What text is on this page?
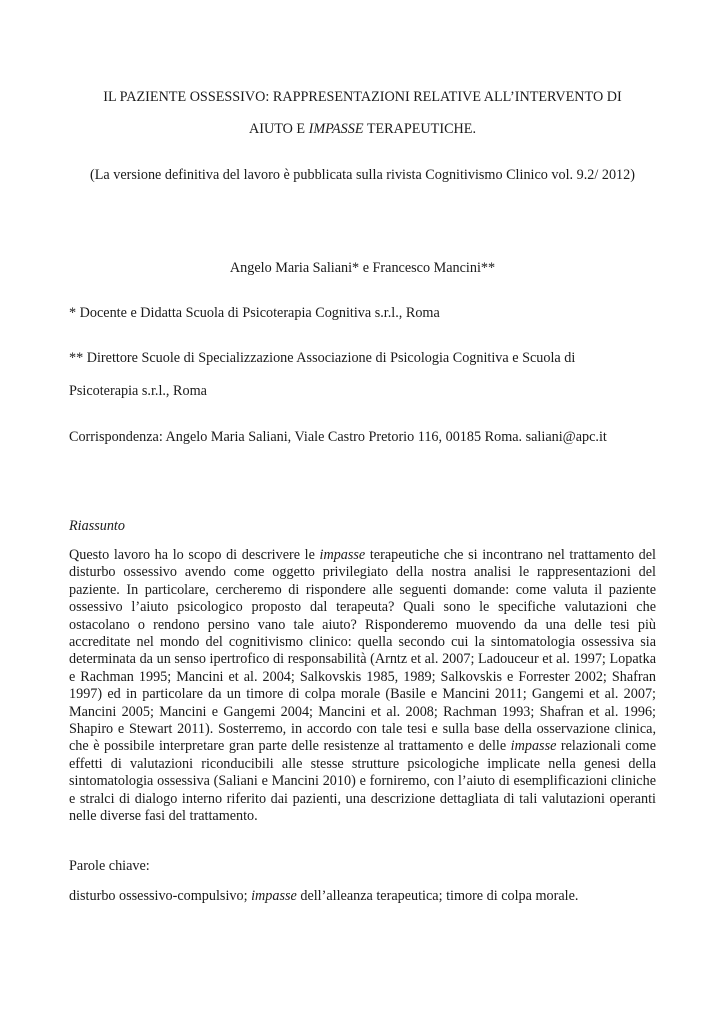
IL PAZIENTE OSSESSIVO: RAPPRESENTAZIONI RELATIVE ALL’INTERVENTO DI

AIUTO E IMPASSE TERAPEUTICHE.

(La versione definitiva del lavoro è pubblicata sulla rivista Cognitivismo Clinico vol. 9.2/ 2012)

Angelo Maria Saliani* e Francesco Mancini**

* Docente e Didatta Scuola di Psicoterapia Cognitiva s.r.l., Roma

** Direttore Scuole di Specializzazione Associazione di Psicologia Cognitiva e Scuola di

Psicoterapia s.r.l., Roma

Corrispondenza: Angelo Maria Saliani, Viale Castro Pretorio 116, 00185 Roma. saliani@apc.it

Riassunto

Questo lavoro ha lo scopo di descrivere le impasse terapeutiche che si incontrano nel trattamento del disturbo ossessivo avendo come oggetto privilegiato della nostra analisi le rappresentazioni del paziente. In particolare, cercheremo di rispondere alle seguenti domande: come valuta il paziente ossessivo l’aiuto psicologico proposto dal terapeuta? Quali sono le specifiche valutazioni che ostacolano o rendono persino vano tale aiuto? Risponderemo muovendo da una delle tesi più accreditate nel mondo del cognitivismo clinico: quella secondo cui la sintomatologia ossessiva sia determinata da un senso ipertrofico di responsabilità (Arntz et al. 2007; Ladouceur et al. 1997; Lopatka e Rachman 1995; Mancini et al. 2004; Salkovskis 1985, 1989; Salkovskis e Forrester 2002; Shafran 1997) ed in particolare da un timore di colpa morale (Basile e Mancini 2011; Gangemi et al. 2007; Mancini 2005; Mancini e Gangemi 2004; Mancini et al. 2008; Rachman 1993; Shafran et al. 1996; Shapiro e Stewart 2011). Sosterremo, in accordo con tale tesi e sulla base della osservazione clinica, che è possibile interpretare gran parte delle resistenze al trattamento e delle impasse relazionali come effetti di valutazioni riconducibili alle stesse strutture psicologiche implicate nella genesi della sintomatologia ossessiva (Saliani e Mancini 2010) e forniremo, con l’aiuto di esemplificazioni cliniche e stralci di dialogo interno riferito dai pazienti, una descrizione dettagliata di tali valutazioni operanti nelle diverse fasi del trattamento.

Parole chiave:

disturbo ossessivo-compulsivo; impasse dell’alleanza terapeutica; timore di colpa morale.
